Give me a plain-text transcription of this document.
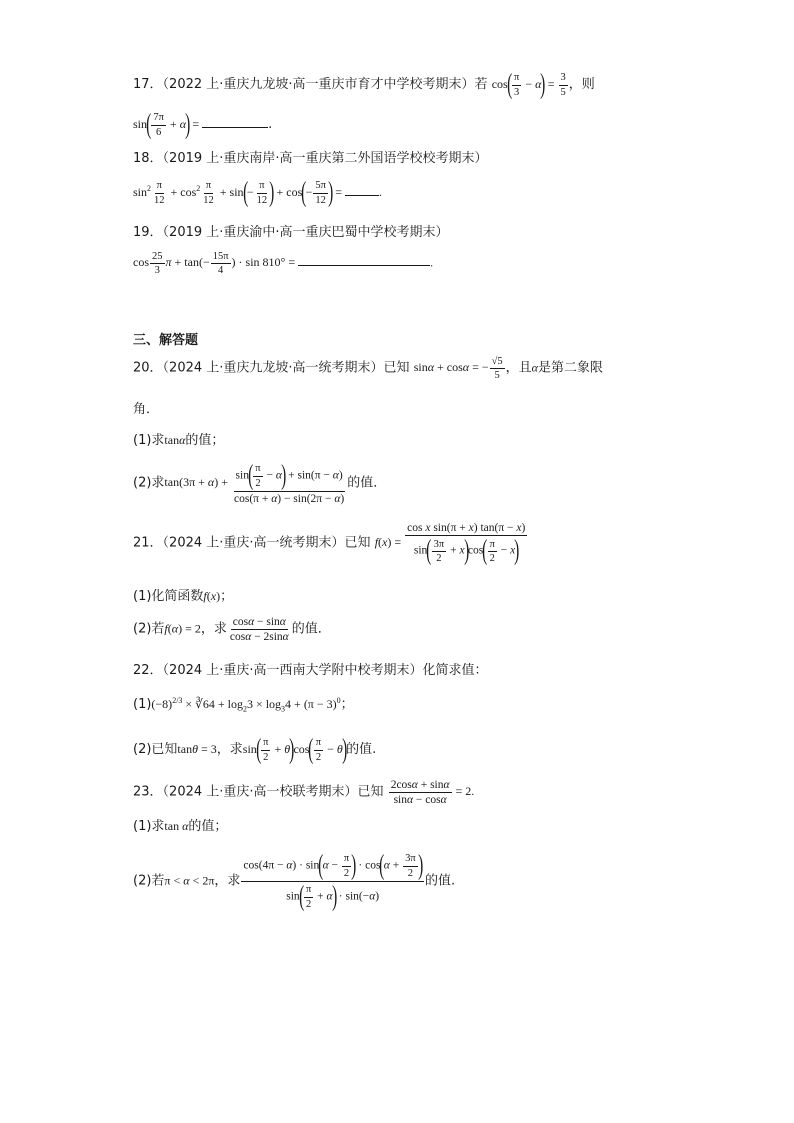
17．（2022 上·重庆九龙坡·高一重庆市育才中学校考期末）若 $\cos( \frac{\pi}{3} - \alpha) = \frac{3}{5}$ ，则
$\sin( \frac{7\pi}{6} + \alpha)$ =	.
18．（2019 上·重庆南岸·高一重庆第二外国语学校校考期末）
$\sin^2 \frac{\pi}{12} + \cos^2 \frac{\pi}{12} + \sin(- \frac{\pi}{12}$ ) + $\cos(- \frac{5\pi}{12}$ ) =	.
19．（2019 上·重庆渝中·高一重庆巴蜀中学校考期末）
$\cos \frac{25}{3}$ $\pi + \tan(- \frac{15\pi}{4}$ ) · sin 810° =	.
三、解答题
20．（2024 上·重庆九龙坡·高一统考期末）已知 sinα + cosα = − $\frac{√5}{5}$ ，且α是第二象限
角．
(1)求tanα的值；
(2)求$\tan(3\pi + \alpha) + \frac{\sin( \frac{\pi}{2} - \alpha) + \sin(\pi - \alpha)}{\cos(\pi + \alpha) - \sin(2\pi - \alpha)}$ 的值．
21．（2024 上·重庆·高一统考期末）已知 $f(x) = \frac{\text{cos x sin(π + x) tan(π − x)}}{\sin( \frac{3\pi}{2} + x)\cos( \frac{\pi}{2} - x)}$
(1)化简函数f(x)；
(2)若f(α) = 2，求 $\frac{\cos\alpha - \sin\alpha}{\cos\alpha - 2\sin\alpha}$ 的值．
22．（2024 上·重庆·高一西南大学附中校考期末）化简求值：
$(1)(-8)^{2/3}$ × ∛64 + $\log_23 \times \log_34 + (\pi - 3)^0$；
(2)已知tanθ = 3，求$\sin( \frac{\pi}{2} + \theta)\cos( \frac{\pi}{2} - \theta)$的值.
23．（2024 上·重庆·高一校联考期末）已知 $\frac{2\cos\alpha + \sin\alpha}{\sin\alpha - \cos\alpha} = 2$.
(1)求tan α的值；
(2)若π < α < 2π，求 $\frac{\cos(4\pi - \alpha) \cdot \sin(\alpha - \frac{\pi}{2} ) \cdot \cos(\alpha + \frac{3\pi}{2} )}{\sin( \frac{\pi}{2} + \alpha) \cdot \sin(-\alpha)}$ 的值.
